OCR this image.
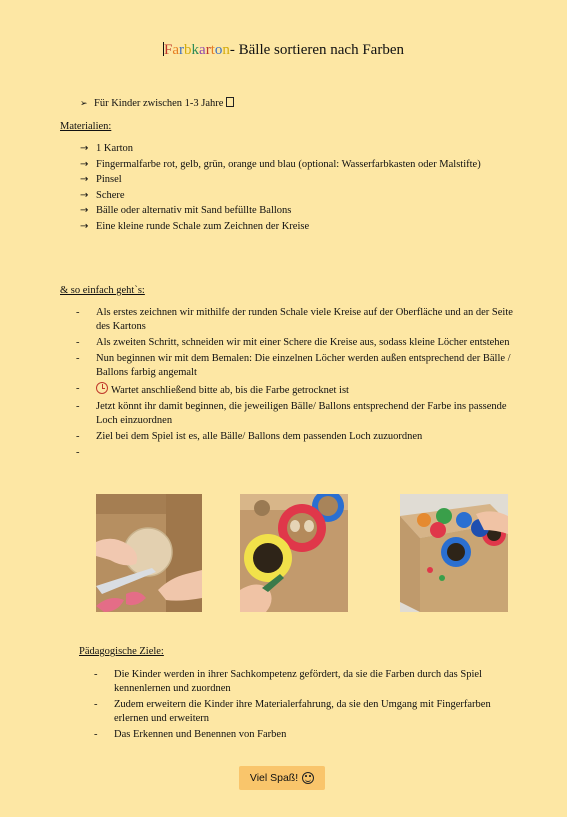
Farbkarton- Bälle sortieren nach Farben
➢ Für Kinder zwischen 1-3 Jahre
Materialien:
→ 1 Karton
→ Fingermalfarbe rot, gelb, grün, orange und blau (optional: Wasserfarbkasten oder Malstifte)
→ Pinsel
→ Schere
→ Bälle oder alternativ mit Sand befüllte Ballons
→ Eine kleine runde Schale zum Zeichnen der Kreise
& so einfach geht`s:
-	Als erstes zeichnen wir mithilfe der runden Schale viele Kreise auf der Oberfläche und an der Seite des Kartons
-	Als zweiten Schritt, schneiden wir mit einer Schere die Kreise aus, sodass kleine Löcher entstehen
-	Nun beginnen wir mit dem Bemalen: Die einzelnen Löcher werden außen entsprechend der Bälle / Ballons farbig angemalt
-	Wartet anschließend bitte ab, bis die Farbe getrocknet ist
-	Jetzt könnt ihr damit beginnen, die jeweiligen Bälle/ Ballons entsprechend der Farbe ins passende Loch einzuordnen
-	Ziel bei dem Spiel ist es, alle Bälle/ Ballons dem passenden Loch zuzuordnen
-
Pädagogische Ziele:
-	Die Kinder werden in ihrer Sachkompetenz gefördert, da sie die Farben durch das Spiel kennenlernen und zuordnen
-	Zudem erweitern die Kinder ihre Materialerfahrung, da sie den Umgang mit Fingerfarben erlernen und erweitern
-	Das Erkennen und Benennen von Farben
Viel Spaß!
